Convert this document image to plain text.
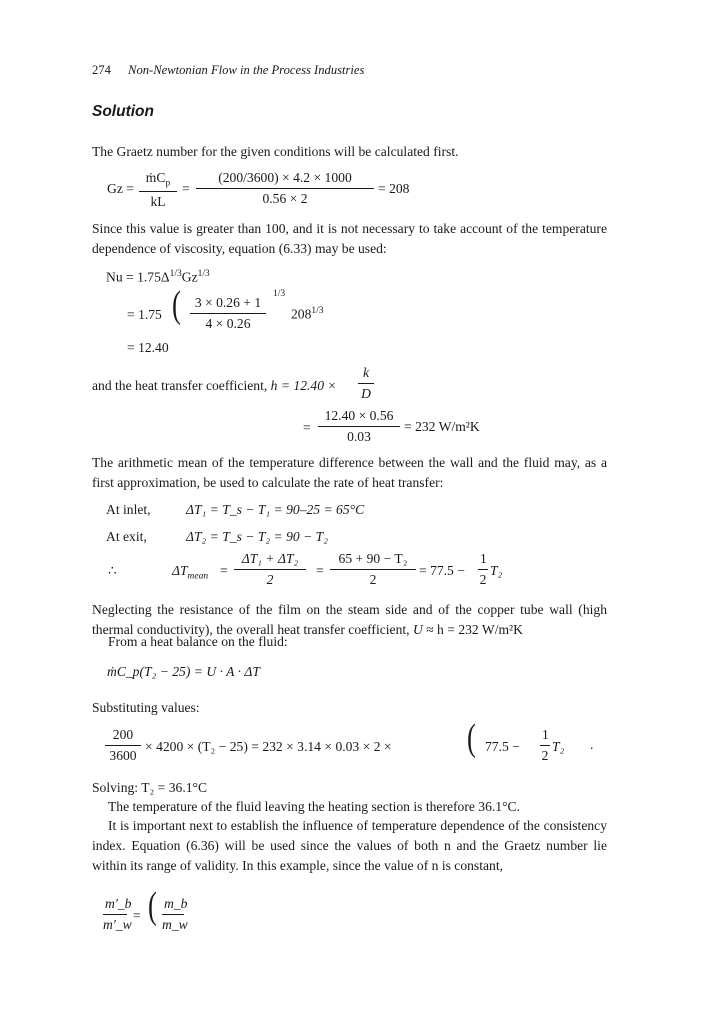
274 Non-Newtonian Flow in the Process Industries
Solution
The Graetz number for the given conditions will be calculated first.
Gz =
ṁC$_p$
kL
=
(200/3600) × 4.2 × 1000
0.56 × 2
= 208
Since this value is greater than 100, and it is not necessary to take account of the temperature dependence of viscosity, equation (6.33) may be used:
$Nu = 1.75\Delta^{1/3}Gz^{1/3}$
= 1.75 (	3 × 0.26 + 1
4 × 0.26
1/3
$208^{1/3}$
= 12.40
and the heat transfer coefficient, h = 12.40 ×
k
D
=
12.40 × 0.56
0.03
= 232 W/m²K
The arithmetic mean of the temperature difference between the wall and the fluid may, as a first approximation, be used to calculate the rate of heat transfer:
At inlet,	ΔT₁ = T_s − T₁ = 90–25 = 65°C
At exit,	ΔT₂ = T_s − T₂ = 90 − T₂
∴	$\Delta T_{mean}$ =
ΔT₁ + ΔT₂
2
=
65 + 90 − T₂
2
= 77.5 −
1
2
T₂
Neglecting the resistance of the film on the steam side and of the copper tube wall (high thermal conductivity), the overall heat transfer coefficient, U ≈ h = 232 W/m²K
From a heat balance on the fluid:
ṁC_p(T₂ − 25) = U · A · ΔT
Substituting values:
200
3600
× 4200 × (T₂ − 25) = 232 × 3.14 × 0.03 × 2 × ( 77.5 −
1
2
T₂ .
Solving: T₂ = 36.1°C
The temperature of the fluid leaving the heating section is therefore 36.1°C.
It is important next to establish the influence of temperature dependence of the consistency index. Equation (6.36) will be used since the values of both n and the Graetz number lie within its range of validity. In this example, since the value of n is constant,
m′_b
m′_w
= ( m_b
m_w
